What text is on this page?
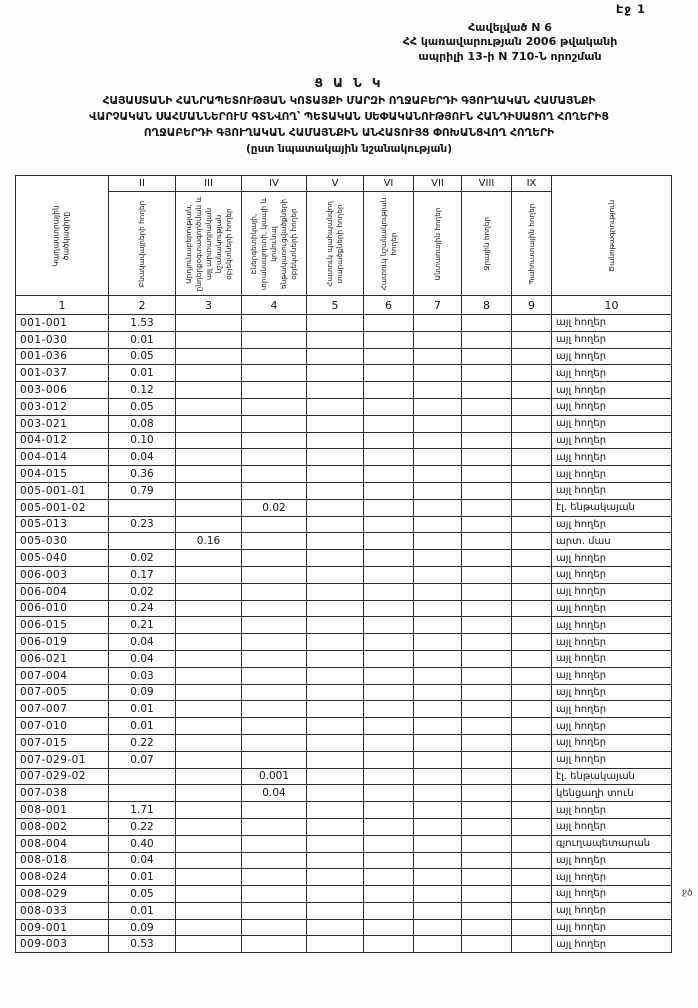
Էջ 1
Հավելված N 6
ՀՀ կառավարության 2006 թվականի
ապրիլի 13-ի N 710-Ն որոշման
Ց Ա Ն Կ
ՀԱՅԱՍՏԱՆԻ ՀԱՆՐԱՊԵՏՈՒԹՅԱՆ ԿՈՏԱՅՔԻ ՄԱՐԶԻ ՈՂՋԱԲԵՐԴԻ ԳՅՈՒՂԱԿԱՆ ՀԱՄԱՅՆՔԻ
ՎԱՐՉԱԿԱՆ ՍԱՀՄԱՆՆԵՐՈՒՄ ԳՏՆՎՈՂ՝ ՊԵՏԱԿԱՆ ՍԵՓԱԿԱՆՈՒԹՅՈՒՆ ՀԱՆԴԻՍԱՑՈՂ ՀՈՂԵՐԻՑ
ՈՂՋԱԲԵՐԴԻ ԳՅՈՒՂԱԿԱՆ ՀԱՄԱՅՆՔԻՆ ԱՆՀԱՏՈՒՅՑ ՓՈԽԱՆՑՎՈՂ ՀՈՂԵՐԻ
(ըստ նպատակային նշանակության)
Կադաստրային ծածկագիրը	II	III	IV	V	VI	VII	VIII	IX	Ծանոթագրություն

	Բնակավայրերի հողեր	Արդյունաբերության, ընդերքօգտագործման և այլ արտադրական նշանակության օբյեկտների հողեր	Էներգետիկայի, տրանսպորտի, կապի և կոմունալ ենթակառուցվածքների օբյեկտների հողեր	Հատուկ պահպանվող տարածքների հողեր	Հատուկ նշանակության հողեր	Անտառային հողեր	Ջրային հողեր	Պահուստային հողեր	

1	2	3	4	5	6	7	8	9	10
001-001	1.53								այլ հողեր
001-030	0.01								այլ հողեր
001-036	0.05								այլ հողեր
001-037	0.01								այլ հողեր
003-006	0.12								այլ հողեր
003-012	0.05								այլ հողեր
003-021	0.08								այլ հողեր
004-012	0.10								այլ հողեր
004-014	0.04								այլ հողեր
004-015	0.36								այլ հողեր
005-001-01	0.79								այլ հողեր
005-001-02			0.02						էլ. ենթակայան
005-013	0.23								այլ հողեր
005-030		0.16							արտ. մաս
005-040	0.02								այլ հողեր
006-003	0.17								այլ հողեր
006-004	0.02								այլ հողեր
006-010	0.24								այլ հողեր
006-015	0.21								այլ հողեր
006-019	0.04								այլ հողեր
006-021	0.04								այլ հողեր
007-004	0.03								այլ հողեր
007-005	0.09								այլ հողեր
007-007	0.01								այլ հողեր
007-010	0.01								այլ հողեր
007-015	0.22								այլ հողեր
007-029-01	0.07								այլ հողեր
007-029-02			0.001						էլ. ենթակայան
007-038			0.04						կենցաղի տուն
008-001	1.71								այլ հողեր
008-002	0.22								այլ հողեր
008-004	0.40								գյուղապետարան
008-018	0.04								այլ հողեր
008-024	0.01								այլ հողեր
008-029	0.05								այլ հողեր
008-033	0.01								այլ հողեր
009-001	0.09								այլ հողեր
009-003	0.53								այլ հողեր
ջծ
